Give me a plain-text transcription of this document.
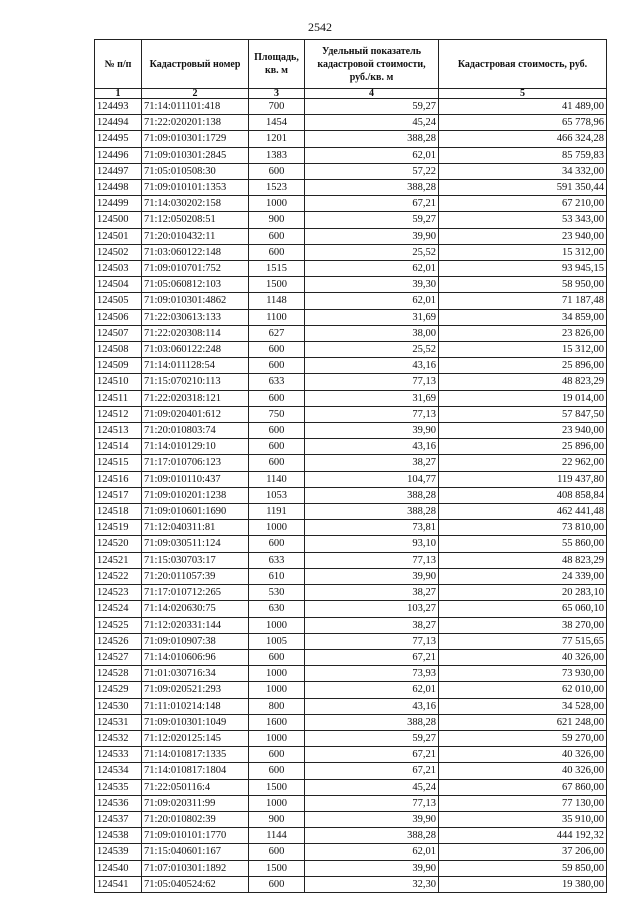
2542
№ п/п	Кадастровый номер	Площадь, кв. м	Удельный показатель кадастровой стоимости, руб./кв. м	Кадастровая стоимость, руб.
1	2	3	4	5
124493	71:14:011101:418	700	59,27	41 489,00
124494	71:22:020201:138	1454	45,24	65 778,96
124495	71:09:010301:1729	1201	388,28	466 324,28
124496	71:09:010301:2845	1383	62,01	85 759,83
124497	71:05:010508:30	600	57,22	34 332,00
124498	71:09:010101:1353	1523	388,28	591 350,44
124499	71:14:030202:158	1000	67,21	67 210,00
124500	71:12:050208:51	900	59,27	53 343,00
124501	71:20:010432:11	600	39,90	23 940,00
124502	71:03:060122:148	600	25,52	15 312,00
124503	71:09:010701:752	1515	62,01	93 945,15
124504	71:05:060812:103	1500	39,30	58 950,00
124505	71:09:010301:4862	1148	62,01	71 187,48
124506	71:22:030613:133	1100	31,69	34 859,00
124507	71:22:020308:114	627	38,00	23 826,00
124508	71:03:060122:248	600	25,52	15 312,00
124509	71:14:011128:54	600	43,16	25 896,00
124510	71:15:070210:113	633	77,13	48 823,29
124511	71:22:020318:121	600	31,69	19 014,00
124512	71:09:020401:612	750	77,13	57 847,50
124513	71:20:010803:74	600	39,90	23 940,00
124514	71:14:010129:10	600	43,16	25 896,00
124515	71:17:010706:123	600	38,27	22 962,00
124516	71:09:010110:437	1140	104,77	119 437,80
124517	71:09:010201:1238	1053	388,28	408 858,84
124518	71:09:010601:1690	1191	388,28	462 441,48
124519	71:12:040311:81	1000	73,81	73 810,00
124520	71:09:030511:124	600	93,10	55 860,00
124521	71:15:030703:17	633	77,13	48 823,29
124522	71:20:011057:39	610	39,90	24 339,00
124523	71:17:010712:265	530	38,27	20 283,10
124524	71:14:020630:75	630	103,27	65 060,10
124525	71:12:020331:144	1000	38,27	38 270,00
124526	71:09:010907:38	1005	77,13	77 515,65
124527	71:14:010606:96	600	67,21	40 326,00
124528	71:01:030716:34	1000	73,93	73 930,00
124529	71:09:020521:293	1000	62,01	62 010,00
124530	71:11:010214:148	800	43,16	34 528,00
124531	71:09:010301:1049	1600	388,28	621 248,00
124532	71:12:020125:145	1000	59,27	59 270,00
124533	71:14:010817:1335	600	67,21	40 326,00
124534	71:14:010817:1804	600	67,21	40 326,00
124535	71:22:050116:4	1500	45,24	67 860,00
124536	71:09:020311:99	1000	77,13	77 130,00
124537	71:20:010802:39	900	39,90	35 910,00
124538	71:09:010101:1770	1144	388,28	444 192,32
124539	71:15:040601:167	600	62,01	37 206,00
124540	71:07:010301:1892	1500	39,90	59 850,00
124541	71:05:040524:62	600	32,30	19 380,00
